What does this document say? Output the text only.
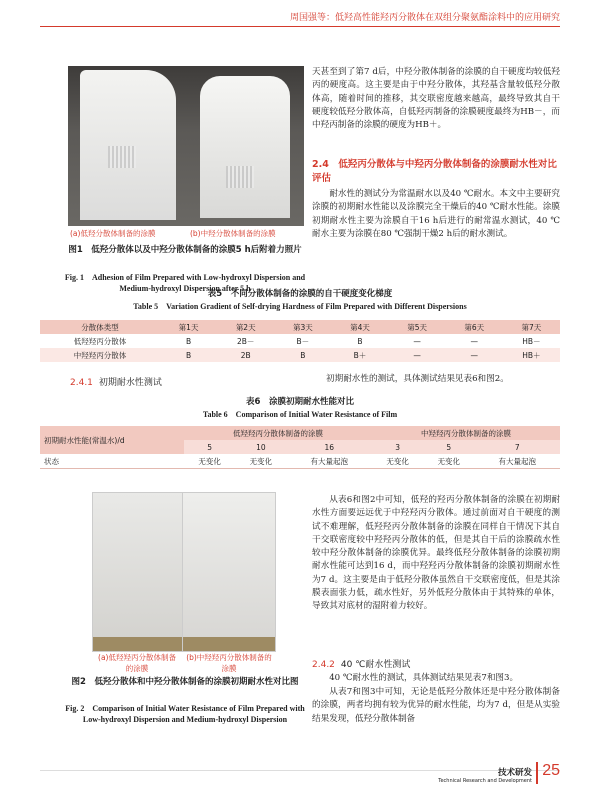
周国强等：低羟高性能羟丙分散体在双组分聚氨酯涂料中的应用研究
(a)低羟分散体制备的涂膜	(b)中羟分散体制备的涂膜
图1　低羟分散体以及中羟分散体制备的涂膜5 h后附着力照片
Fig. 1　Adhesion of Film Prepared with Low-hydroxyl Dispersion and Medium-hydroxyl Dispersion after 5 h
天甚至到了第7 d后，中羟分散体制备的涂膜的自干硬度均较低羟丙的硬度高。这主要是由于中羟分散体，其羟基含量较低羟分散体高，随着时间的推移，其交联密度越来越高，最终导致其自干硬度较低羟分散体高，自低羟丙制备的涂膜硬度最终为HB－，而中羟丙制备的涂膜的硬度为HB＋。
2.4　低羟丙分散体与中羟丙分散体制备的涂膜耐水性对比评估
耐水性的测试分为常温耐水以及40 ℃耐水。本文中主要研究涂膜的初期耐水性能以及涂膜完全干燥后的40 ℃耐水性能。涂膜初期耐水性主要为涂膜自干16 h后进行的耐常温水测试，40 ℃耐水主要为涂膜在80 ℃强制干燥2 h后的耐水测试。
表5　不同分散体制备的涂膜的自干硬度变化梯度
Table 5　Variation Gradient of Self-drying Hardness of Film Prepared with Different Dispersions
分散体类型	第1天	第2天	第3天	第4天	第5天	第6天	第7天
低羟羟丙分散体	B	2B－	B－	B	—	—	HB－
中羟羟丙分散体	B	2B	B	B＋	—	—	HB＋
2.4.1 初期耐水性测试	初期耐水性的测试，具体测试结果见表6和图2。
表6　涂膜初期耐水性能对比
Table 6　Comparison of Initial Water Resistance of Film
初期耐水性能(常温水)/d	低羟羟丙分散体制备的涂膜			中羟羟丙分散体制备的涂膜		
	5	10	16	3	5	7
状态	无变化	无变化	有大量起泡	无变化	无变化	有大量起泡
(a)低羟羟丙分散体制备的涂膜
(b)中羟羟丙分散体制备的涂膜
图2　低羟分散体和中羟分散体制备的涂膜初期耐水性对比图
Fig. 2　Comparison of Initial Water Resistance of Film Prepared with Low-hydroxyl Dispersion and Medium-hydroxyl Dispersion
从表6和图2中可知，低羟的羟丙分散体制备的涂膜在初期耐水性方面要远远优于中羟羟丙分散体。通过前面对自干硬度的测试不难理解，低羟羟丙分散体制备的涂膜在同样自干情况下其自干交联密度较中羟羟丙分散体的低，但是其自干后的涂膜疏水性较中羟分散体制备的涂膜优异。最终低羟分散体制备的涂膜初期耐水性能可达到16 d，而中羟羟丙分散体制备的涂膜初期耐水性为7 d。这主要是由于低羟分散体虽然自干交联密度低，但是其涂膜表面张力低，疏水性好，另外低羟分散体由于其特殊的单体，导致其对底材的湿附着力较好。
2.4.2 40 ℃耐水性测试
40 ℃耐水性的测试，具体测试结果见表7和图3。
从表7和图3中可知，无论是低羟分散体还是中羟分散体制备的涂膜，两者均拥有较为优异的耐水性能，均为7 d，但是从实验结果发现，低羟分散体制备
技术研发
Technical Research and Development
25
